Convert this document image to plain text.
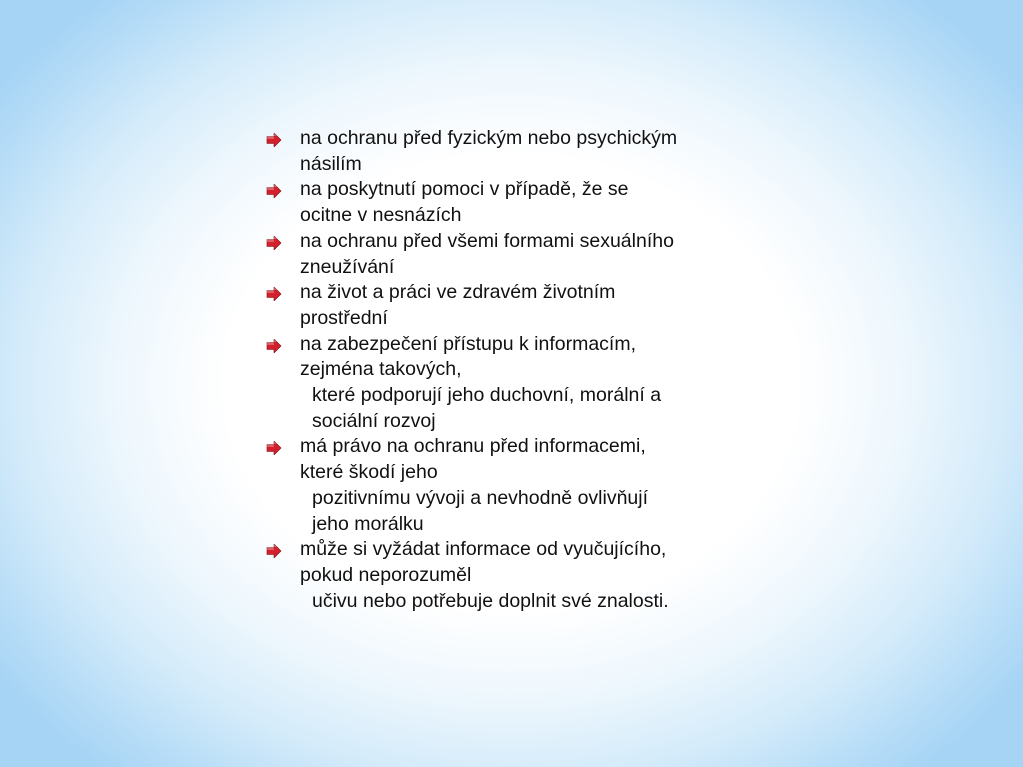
na ochranu před fyzickým nebo psychickým
násilím
na poskytnutí pomoci v případě, že se
ocitne v nesnázích
na ochranu před všemi formami sexuálního
zneužívání
na život a práci ve zdravém životním
prostřední
na zabezpečení přístupu k informacím,
zejména takových,
které podporují jeho duchovní, morální a
sociální rozvoj
má právo na ochranu před informacemi,
které škodí jeho
pozitivnímu vývoji a nevhodně ovlivňují
jeho morálku
může si vyžádat informace od vyučujícího,
pokud neporozuměl
učivu nebo potřebuje doplnit své znalosti.
